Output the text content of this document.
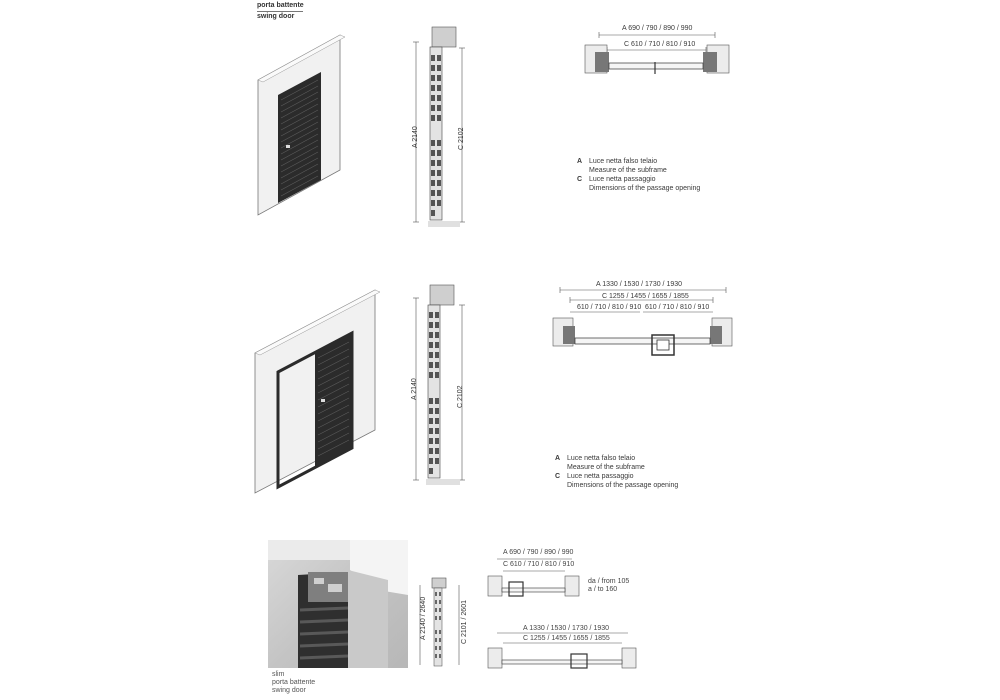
porta battente
swing door
A 2140	C 2102
A 690 / 790 / 890 / 990
C 610 / 710 / 810 / 910
A Luce netta falso telaio
Measure of the subframe
C Luce netta passaggio
Dimensions of the passage opening
A 2140	C 2102
A 1330 / 1530 / 1730 / 1930
C 1255 / 1455 / 1655 / 1855
610 / 710 / 810 / 910 610 / 710 / 810 / 910
A Luce netta falso telaio
Measure of the subframe
C Luce netta passaggio
Dimensions of the passage opening
slim
porta battente
swing door
A 2140 / 2640	C 2101 / 2601
A 690 / 790 / 890 / 990
C 610 / 710 / 810 / 910
da / from 105
a / to 160
A 1330 / 1530 / 1730 / 1930
C 1255 / 1455 / 1655 / 1855
